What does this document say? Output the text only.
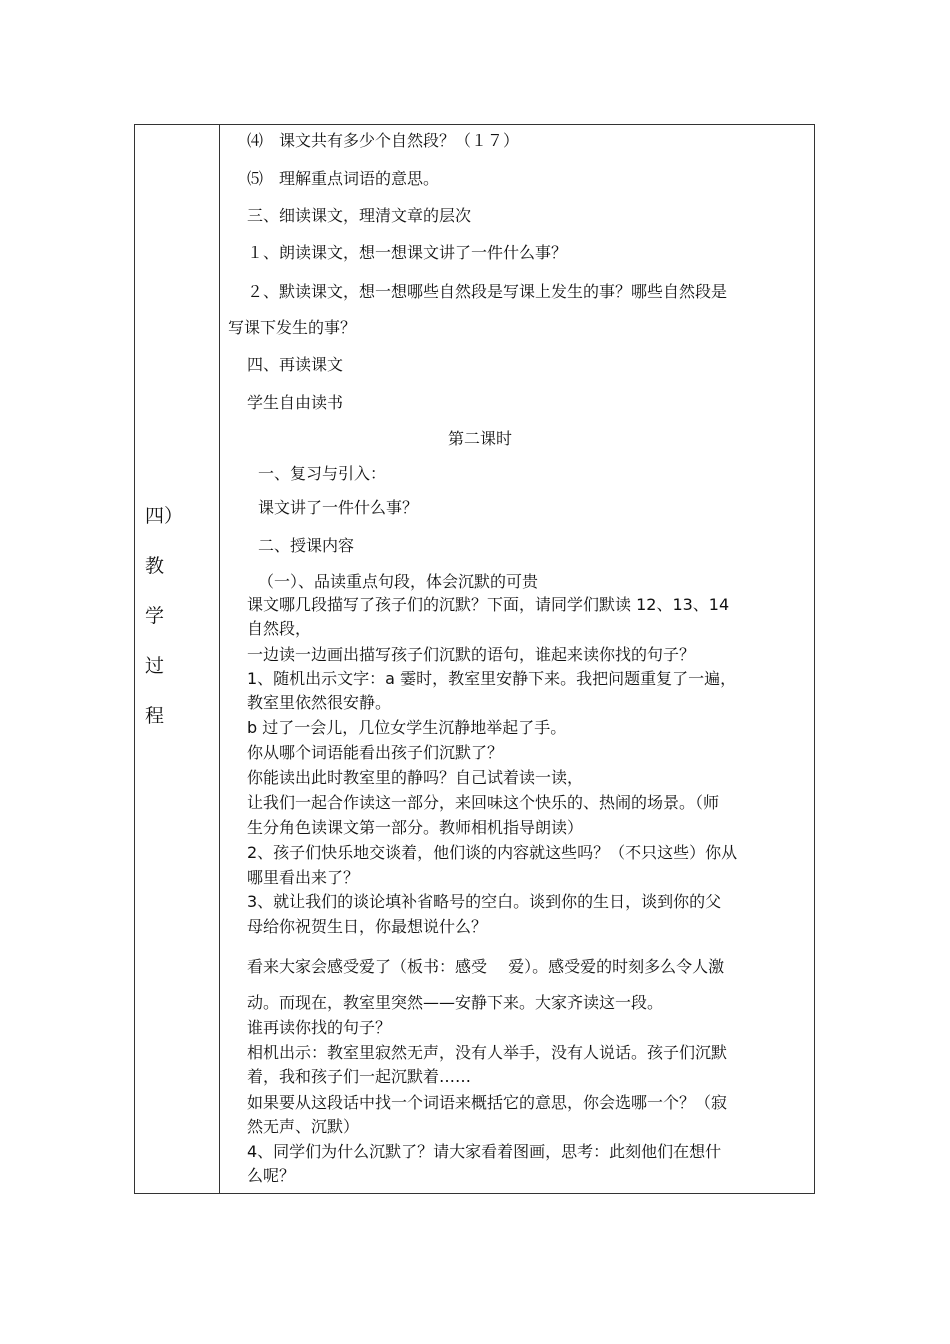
四）
教
学
过
程
⑷　课文共有多少个自然段？（１７）
⑸　理解重点词语的意思。
三、细读课文，理清文章的层次
１、朗读课文，想一想课文讲了一件什么事？
２、默读课文，想一想哪些自然段是写课上发生的事？哪些自然段是
写课下发生的事？
四、再读课文
学生自由读书
第二课时
一、复习与引入：
课文讲了一件什么事？
二、授课内容
（一）、品读重点句段，体会沉默的可贵
课文哪几段描写了孩子们的沉默？下面，请同学们默读 12、13、14
自然段，
一边读一边画出描写孩子们沉默的语句，谁起来读你找的句子？
1、随机出示文字：a 霎时，教室里安静下来。我把问题重复了一遍，
教室里依然很安静。
b 过了一会儿，几位女学生沉静地举起了手。
你从哪个词语能看出孩子们沉默了？
你能读出此时教室里的静吗？自己试着读一读，
让我们一起合作读这一部分，来回味这个快乐的、热闹的场景。（师
生分角色读课文第一部分。教师相机指导朗读）
2、孩子们快乐地交谈着，他们谈的内容就这些吗？（不只这些）你从
哪里看出来了？
3、就让我们的谈论填补省略号的空白。谈到你的生日，谈到你的父
母给你祝贺生日，你最想说什么？
看来大家会感受爱了（板书：感受　 爱）。感受爱的时刻多么令人激
动。而现在，教室里突然——安静下来。大家齐读这一段。
谁再读你找的句子？
相机出示：教室里寂然无声，没有人举手，没有人说话。孩子们沉默
着，我和孩子们一起沉默着……
如果要从这段话中找一个词语来概括它的意思，你会选哪一个？（寂
然无声、沉默）
4、同学们为什么沉默了？请大家看着图画，思考：此刻他们在想什
么呢？
